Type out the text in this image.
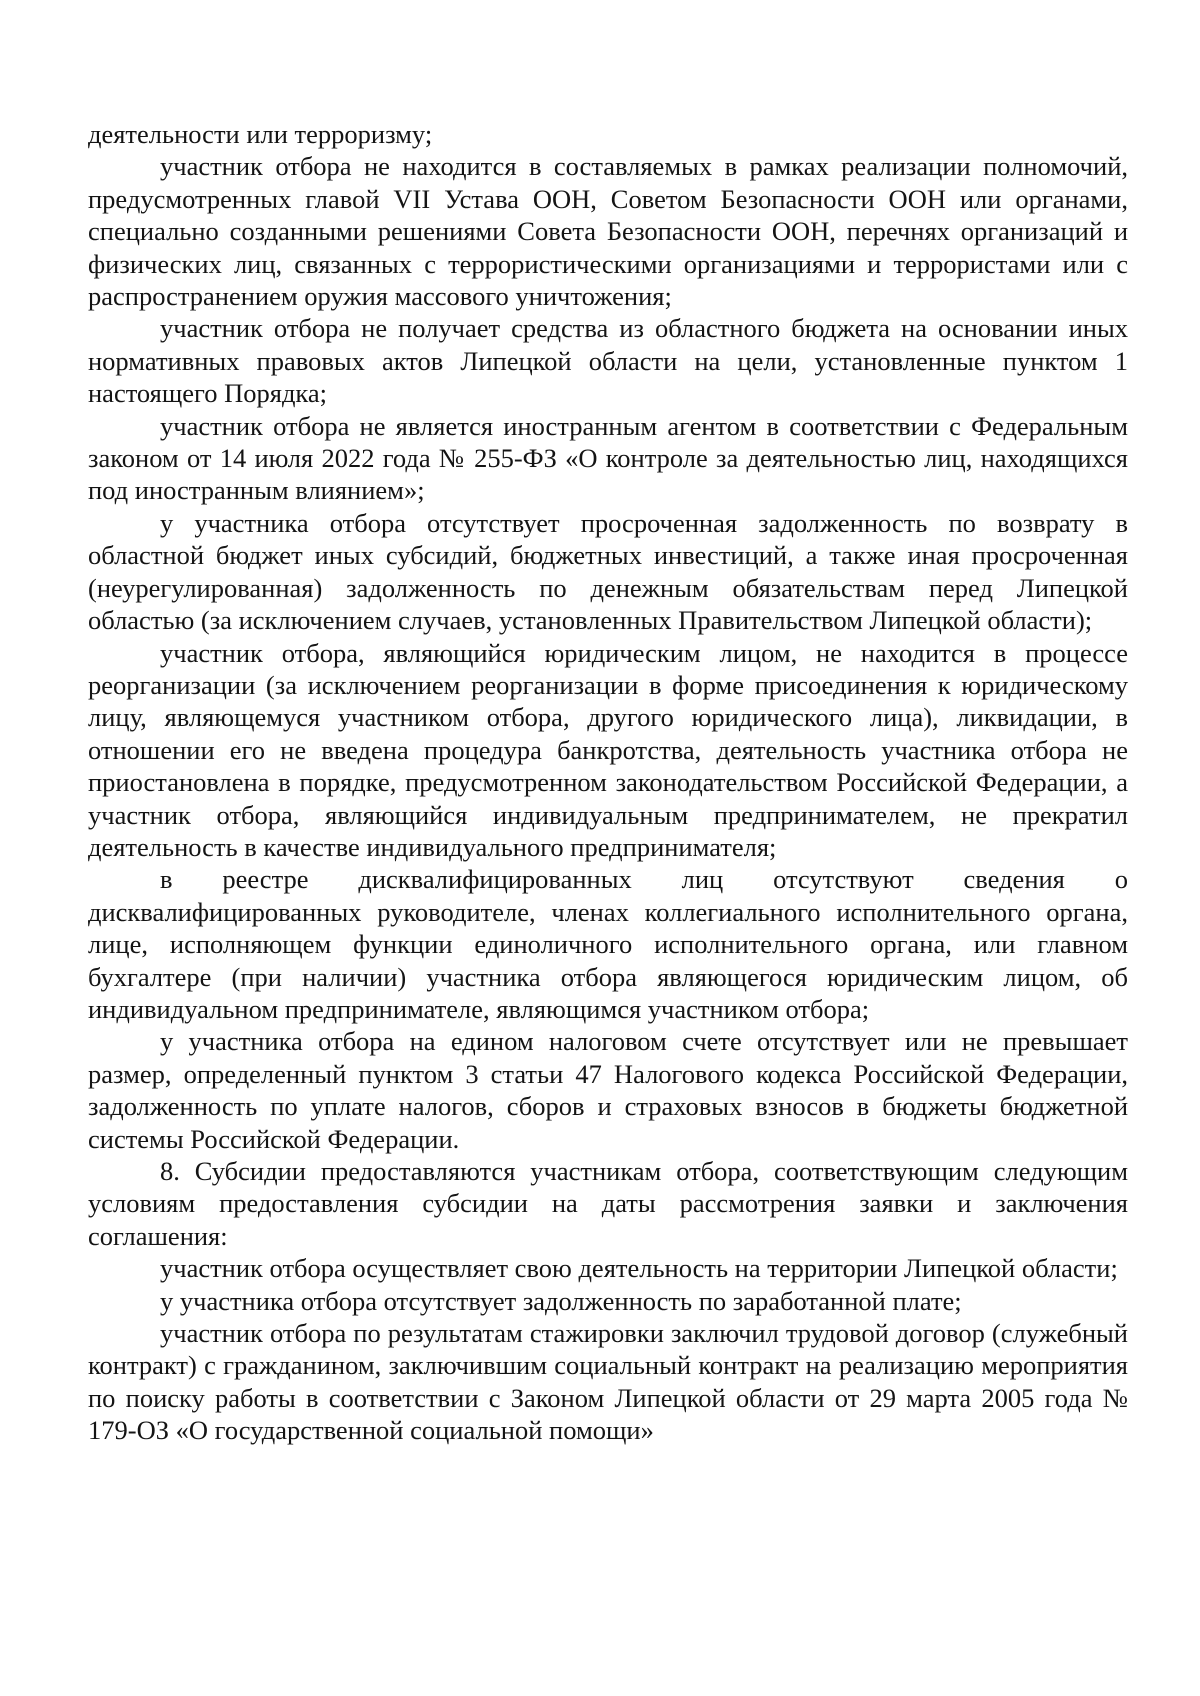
деятельности или терроризму;

участник отбора не находится в составляемых в рамках реализации полномочий, предусмотренных главой VII Устава ООН, Советом Безопасности ООН или органами, специально созданными решениями Совета Безопасности ООН, перечнях организаций и физических лиц, связанных с террористическими организациями и террористами или с распространением оружия массового уничтожения;

участник отбора не получает средства из областного бюджета на основании иных нормативных правовых актов Липецкой области на цели, установленные пунктом 1 настоящего Порядка;

участник отбора не является иностранным агентом в соответствии с Федеральным законом от 14 июля 2022 года № 255-ФЗ «О контроле за деятельностью лиц, находящихся под иностранным влиянием»;

у участника отбора отсутствует просроченная задолженность по возврату в областной бюджет иных субсидий, бюджетных инвестиций, а также иная просроченная (неурегулированная) задолженность по денежным обязательствам перед Липецкой областью (за исключением случаев, установленных Правительством Липецкой области);

участник отбора, являющийся юридическим лицом, не находится в процессе реорганизации (за исключением реорганизации в форме присоединения к юридическому лицу, являющемуся участником отбора, другого юридического лица), ликвидации, в отношении его не введена процедура банкротства, деятельность участника отбора не приостановлена в порядке, предусмотренном законодательством Российской Федерации, а участник отбора, являющийся индивидуальным предпринимателем, не прекратил деятельность в качестве индивидуального предпринимателя;

в реестре дисквалифицированных лиц отсутствуют сведения о дисквалифицированных руководителе, членах коллегиального исполнительного органа, лице, исполняющем функции единоличного исполнительного органа, или главном бухгалтере (при наличии) участника отбора являющегося юридическим лицом, об индивидуальном предпринимателе, являющимся участником отбора;

у участника отбора на едином налоговом счете отсутствует или не превышает размер, определенный пунктом 3 статьи 47 Налогового кодекса Российской Федерации, задолженность по уплате налогов, сборов и страховых взносов в бюджеты бюджетной системы Российской Федерации.

8. Субсидии предоставляются участникам отбора, соответствующим следующим условиям предоставления субсидии на даты рассмотрения заявки и заключения соглашения:

участник отбора осуществляет свою деятельность на территории Липецкой области;

у участника отбора отсутствует задолженность по заработанной плате;

участник отбора по результатам стажировки заключил трудовой договор (служебный контракт) с гражданином, заключившим социальный контракт на реализацию мероприятия по поиску работы в соответствии с Законом Липецкой области от 29 марта 2005 года № 179-ОЗ «О государственной социальной помощи»
